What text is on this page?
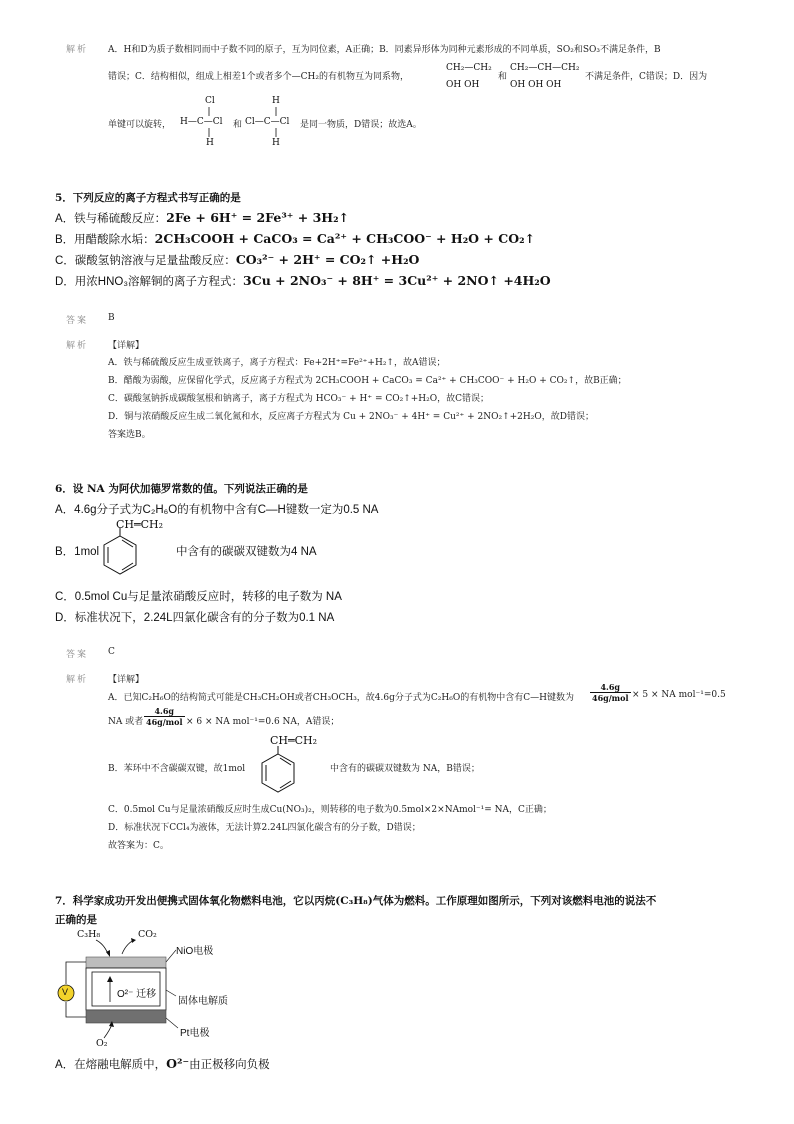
解析 A．H和D为质子数相同而中子数不同的原子，互为同位素，A正确；B．同素异形体为同种元素形成的不同单质，SO₂和SO₃不满足条件，B
错误；C．结构相似，组成上相差1个或者多个—CH₂的有机物互为同系物，
CH₂—CH₂
OH OH
和
CH₂—CH—CH₂
OH OH OH
不满足条件，C错误；D．因为
单键可以旋转，
Cl
H—C—Cl
H
和
H
Cl—C—Cl
H
是同一物质，D错误；故选A。
5．下列反应的离子方程式书写正确的是
A．铁与稀硫酸反应：2Fe + 6H⁺ = 2Fe³⁺ + 3H₂↑
B．用醋酸除水垢：2CH₃COOH + CaCO₃ = Ca²⁺ + CH₃COO⁻ + H₂O + CO₂↑
C．碳酸氢钠溶液与足量盐酸反应：CO₃²⁻ + 2H⁺ = CO₂↑ +H₂O
D．用浓HNO₃溶解铜的离子方程式：3Cu + 2NO₃⁻ + 8H⁺ = 3Cu²⁺ + 2NO↑ +4H₂O
答案 B
解析 【详解】
A．铁与稀硫酸反应生成亚铁离子，离子方程式：Fe+2H⁺=Fe²⁺+H₂↑，故A错误；
B．醋酸为弱酸，应保留化学式，反应离子方程式为 2CH₃COOH + CaCO₃ = Ca²⁺ + CH₃COO⁻ + H₂O + CO₂↑，故B正确；
C．碳酸氢钠拆成碳酸氢根和钠离子，离子方程式为 HCO₃⁻ + H⁺ = CO₂↑+H₂O，故C错误；
D．铜与浓硝酸反应生成二氧化氮和水，反应离子方程式为 Cu + 2NO₃⁻ + 4H⁺ = Cu²⁺ + 2NO₂↑+2H₂O，故D错误；
答案选B。
6．设 NA 为阿伏加德罗常数的值。下列说法正确的是
A．4.6g分子式为C₂H₆O的有机物中含有C—H键数一定为0.5 NA
CH═CH₂
B．1mol	中含有的碳碳双键数为4 NA
C．0.5mol Cu与足量浓硝酸反应时，转移的电子数为 NA
D．标准状况下，2.24L四氯化碳含有的分子数为0.1 NA
答案 C
解析 【详解】
A．已知C₂H₆O的结构简式可能是CH₃CH₂OH或者CH₃OCH₃，故4.6g分子式为C₂H₆O的有机物中含有C—H键数为 $\frac{4.6g}{\text{46g/mol}} \times 5$ × NA mol⁻¹=0.5
NA 或者 $\frac{4.6g}{\text{46g/mol}} \times 6$ × NA mol⁻¹=0.6 NA，A错误；
CH═CH₂
B．苯环中不含碳碳双键，故1mol	中含有的碳碳双键数为 NA，B错误；
C．0.5mol Cu与足量浓硝酸反应时生成Cu(NO₃)₂，则转移的电子数为0.5mol×2×NAmol⁻¹= NA，C正确；
D．标准状况下CCl₄为液体，无法计算2.24L四氯化碳含有的分子数，D错误；
故答案为：C。
7．科学家成功开发出便携式固体氧化物燃料电池，它以丙烷(C₃H₈)气体为燃料。工作原理如图所示，下列对该燃料电池的说法不
正确的是
C₃H₈	CO₂
NiO电极
O²⁻ 迁移
固体电解质
Pt电极
O₂
V
A．在熔融电解质中，O²⁻由正极移向负极
